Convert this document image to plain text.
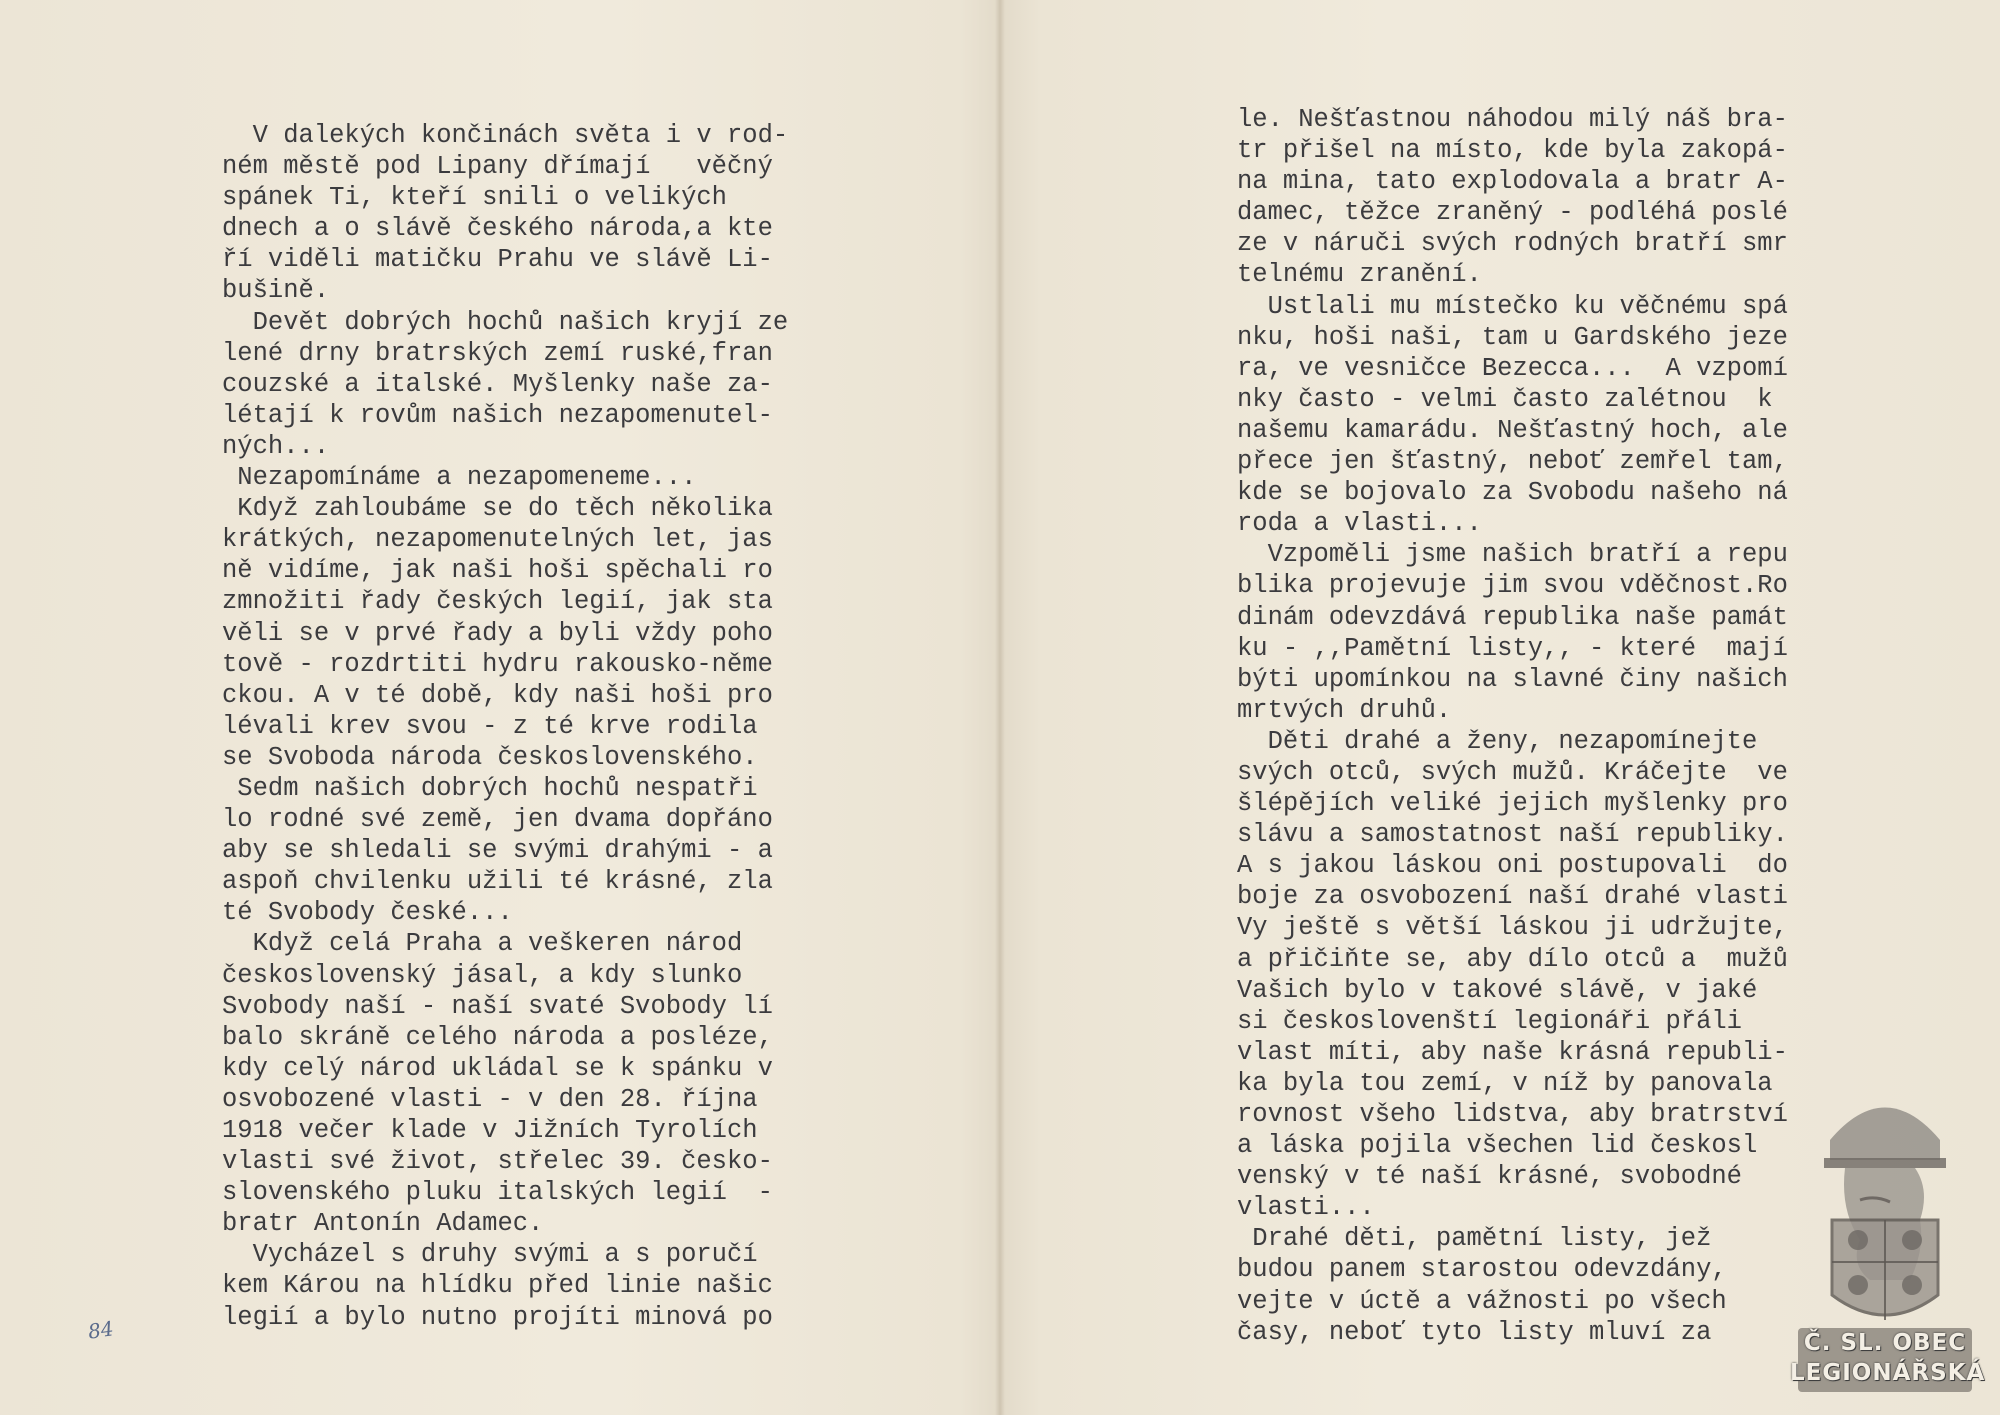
V dalekých končinách světa i v rod-
ném městě pod Lipany dřímají   věčný
spánek Ti, kteří snili o velikých
dnech a o slávě českého národa,a kte
ří viděli matičku Prahu ve slávě Li-
bušině.
Devět dobrých hochů našich kryjí ze
lené drny bratrských zemí ruské,fran
couzské a italské. Myšlenky naše za-
létají k rovům našich nezapomenutel-
ných...
Nezapomínáme a nezapomeneme...
Když zahloubáme se do těch několika
krátkých, nezapomenutelných let, jas
ně vidíme, jak naši hoši spěchali ro
zmnožiti řady českých legií, jak sta
věli se v prvé řady a byli vždy poho
tově - rozdrtiti hydru rakousko-něme
ckou. A v té době, kdy naši hoši pro
lévali krev svou - z té krve rodila
se Svoboda národa československého.
Sedm našich dobrých hochů nespatři
lo rodné své země, jen dvama dopřáno
aby se shledali se svými drahými - a
aspoň chvilenku užili té krásné, zla
té Svobody české...
Když celá Praha a veškeren národ
československý jásal, a kdy slunko
Svobody naší - naší svaté Svobody lí
balo skráně celého národa a posléze,
kdy celý národ ukládal se k spánku v
osvobozené vlasti - v den 28. října
1918 večer klade v Jižních Tyrolích
vlasti své život, střelec 39. česko-
slovenského pluku italských legií  -
bratr Antonín Adamec.
Vycházel s druhy svými a s poručí
kem Károu na hlídku před linie našic
legií a bylo nutno projíti minová po
84
le. Nešťastnou náhodou milý náš bra-
tr přišel na místo, kde byla zakopá-
na mina, tato explodovala a bratr A-
damec, těžce zraněný - podléhá poslé
ze v náruči svých rodných bratří smr
telnému zranění.
Ustlali mu místečko ku věčnému spá
nku, hoši naši, tam u Gardského jeze
ra, ve vesničce Bezecca...  A vzpomí
nky často - velmi často zalétnou  k
našemu kamarádu. Nešťastný hoch, ale
přece jen šťastný, neboť zemřel tam,
kde se bojovalo za Svobodu našeho ná
roda a vlasti...
Vzpoměli jsme našich bratří a repu
blika projevuje jim svou vděčnost.Ro
dinám odevzdává republika naše památ
ku - ,,Pamětní listy,, - které  mají
býti upomínkou na slavné činy našich
mrtvých druhů.
Děti drahé a ženy, nezapomínejte
svých otců, svých mužů. Kráčejte  ve
šlépějích veliké jejich myšlenky pro
slávu a samostatnost naší republiky.
A s jakou láskou oni postupovali  do
boje za osvobození naší drahé vlasti
Vy ještě s větší láskou ji udržujte,
a přičiňte se, aby dílo otců a  mužů
Vašich bylo v takové slávě, v jaké
si českoslovenští legionáři přáli
vlast míti, aby naše krásná republi-
ka byla tou zemí, v níž by panovala
rovnost všeho lidstva, aby bratrství
a láska pojila všechen lid českosl
venský v té naší krásné, svobodné
vlasti...
Drahé děti, pamětní listy, jež
budou panem starostou odevzdány,
vejte v úctě a vážnosti po všech
časy, neboť tyto listy mluví za	Č. SL. OBEC
LEGIONÁŘSKÁ
